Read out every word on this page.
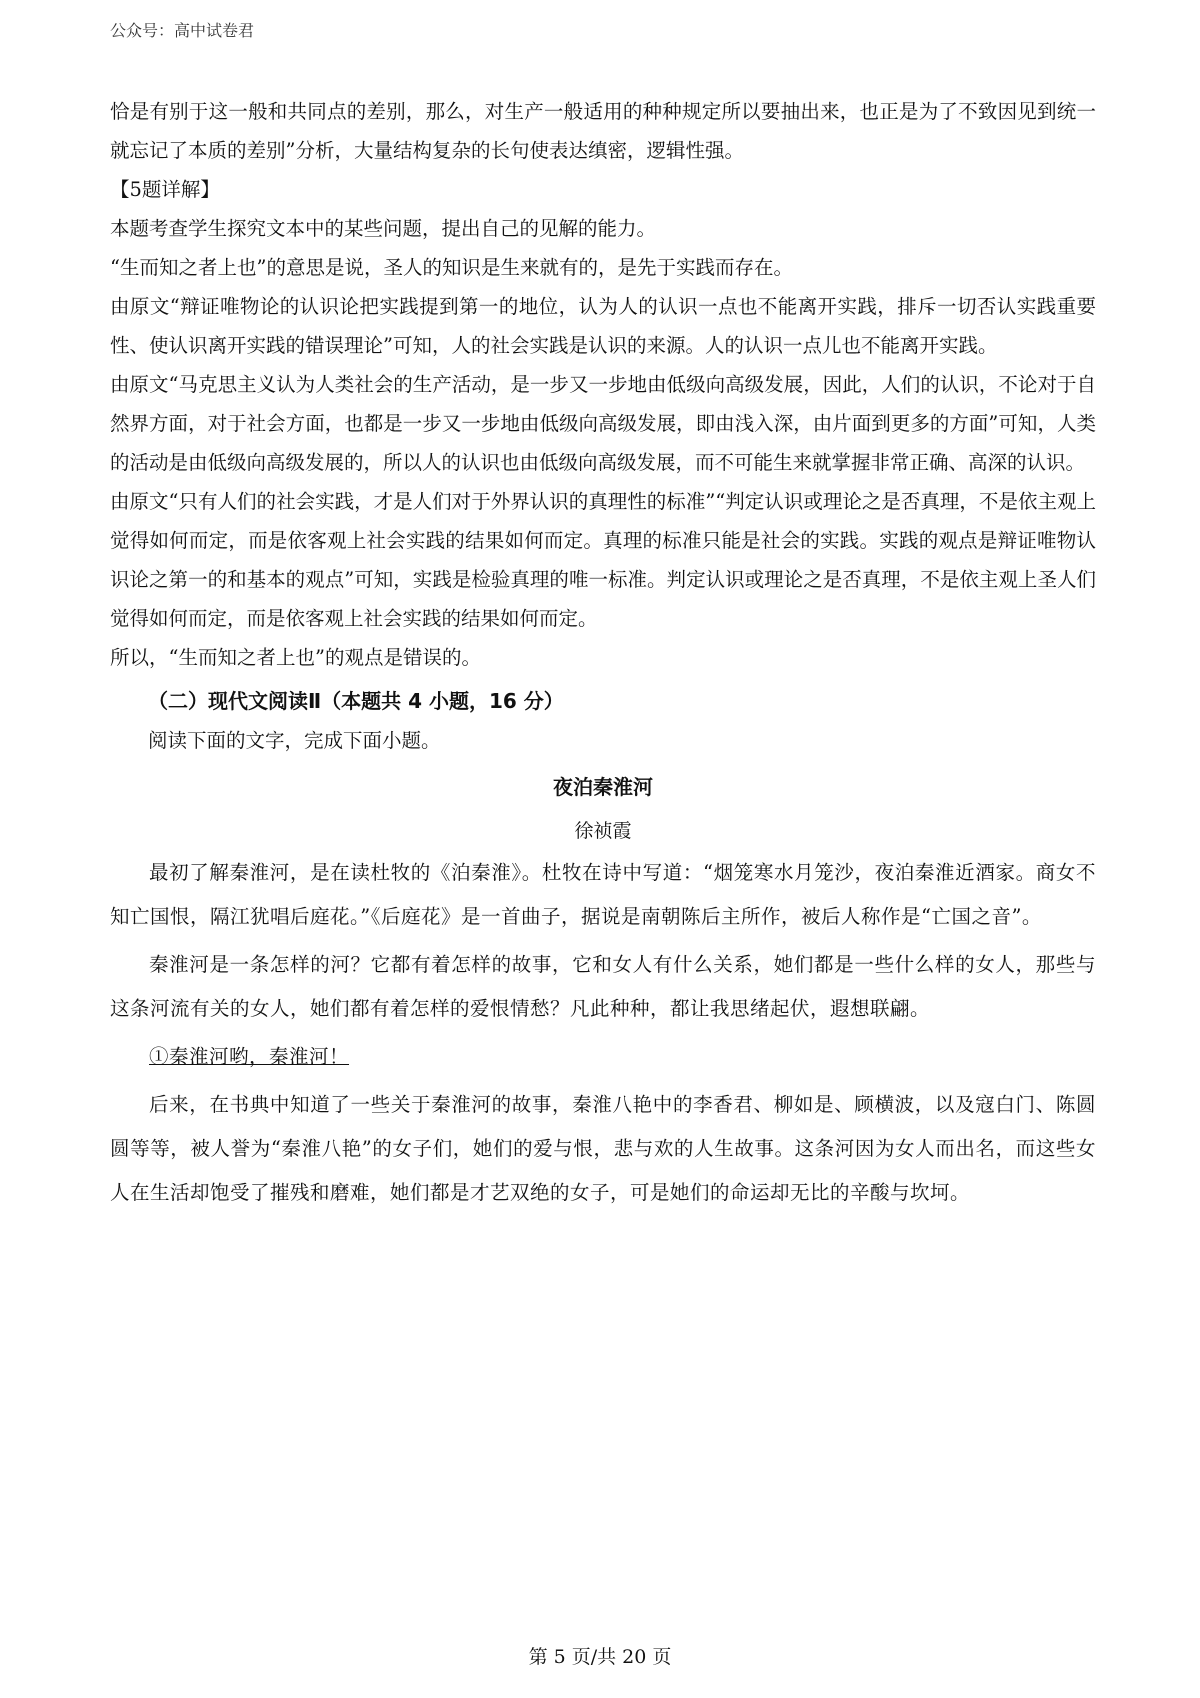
公众号：高中试卷君

恰是有别于这一般和共同点的差别，那么，对生产一般适用的种种规定所以要抽出来，也正是为了不致因见到统一就忘记了本质的差别”分析，大量结构复杂的长句使表达缜密，逻辑性强。

【5题详解】

本题考查学生探究文本中的某些问题，提出自己的见解的能力。

“生而知之者上也”的意思是说，圣人的知识是生来就有的，是先于实践而存在。

由原文“辩证唯物论的认识论把实践提到第一的地位，认为人的认识一点也不能离开实践，排斥一切否认实践重要性、使认识离开实践的错误理论”可知，人的社会实践是认识的来源。人的认识一点儿也不能离开实践。

由原文“马克思主义认为人类社会的生产活动，是一步又一步地由低级向高级发展，因此，人们的认识，不论对于自然界方面，对于社会方面，也都是一步又一步地由低级向高级发展，即由浅入深，由片面到更多的方面”可知，人类的活动是由低级向高级发展的，所以人的认识也由低级向高级发展，而不可能生来就掌握非常正确、高深的认识。

由原文“只有人们的社会实践，才是人们对于外界认识的真理性的标准”“判定认识或理论之是否真理，不是依主观上觉得如何而定，而是依客观上社会实践的结果如何而定。真理的标准只能是社会的实践。实践的观点是辩证唯物认识论之第一的和基本的观点”可知，实践是检验真理的唯一标准。判定认识或理论之是否真理，不是依主观上圣人们觉得如何而定，而是依客观上社会实践的结果如何而定。

所以，“生而知之者上也”的观点是错误的。

（二）现代文阅读Ⅱ（本题共 4 小题，16 分）
阅读下面的文字，完成下面小题。
夜泊秦淮河
徐祯霞

最初了解秦淮河，是在读杜牧的《泊秦淮》。杜牧在诗中写道：“烟笼寒水月笼沙，夜泊秦淮近酒家。商女不知亡国恨，隔江犹唱后庭花。”《后庭花》是一首曲子，据说是南朝陈后主所作，被后人称作是“亡国之音”。

秦淮河是一条怎样的河？它都有着怎样的故事，它和女人有什么关系，她们都是一些什么样的女人，那些与这条河流有关的女人，她们都有着怎样的爱恨情愁？凡此种种，都让我思绪起伏，遐想联翩。

①秦淮河哟，秦淮河！

后来，在书典中知道了一些关于秦淮河的故事，秦淮八艳中的李香君、柳如是、顾横波，以及寇白门、陈圆圆等等，被人誉为“秦淮八艳”的女子们，她们的爱与恨，悲与欢的人生故事。这条河因为女人而出名，而这些女人在生活却饱受了摧残和磨难，她们都是才艺双绝的女子，可是她们的命运却无比的辛酸与坎坷。

第 5 页/共 20 页
